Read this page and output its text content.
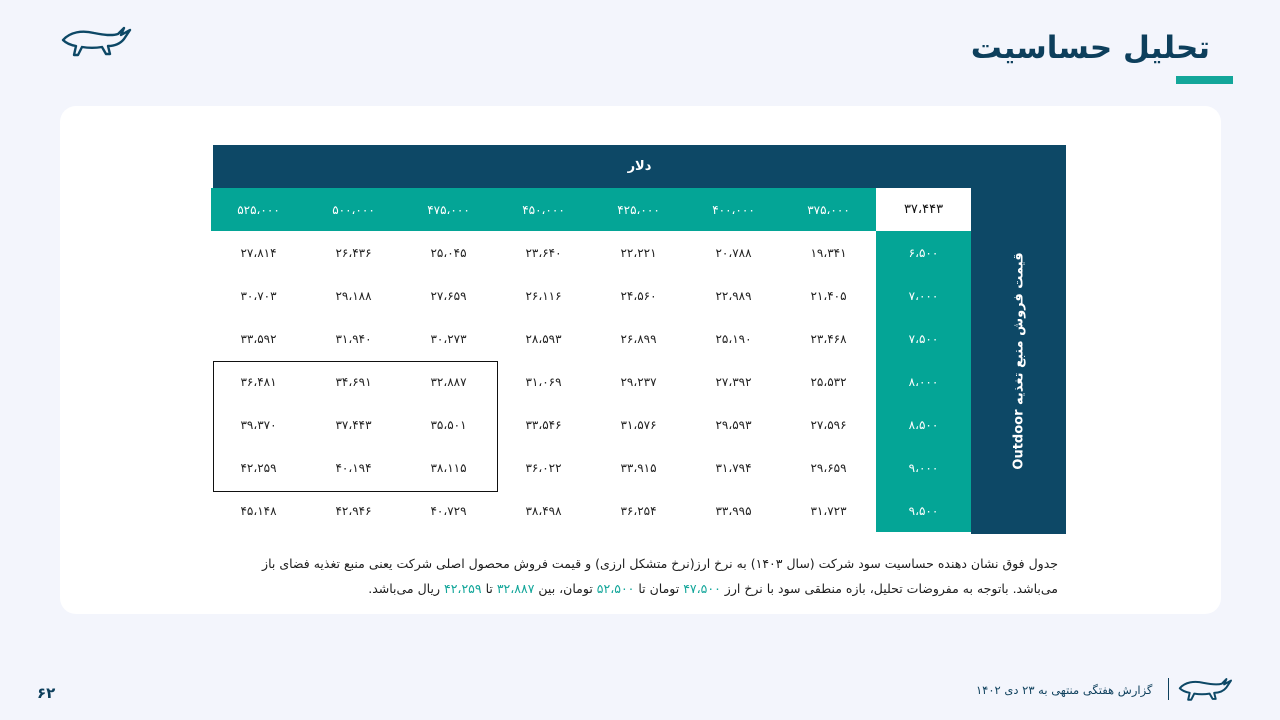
تحلیل حساسیت
دلار
قیمت فروش منبع تغذیه Outdoor
۳۷،۴۴۳
۳۷۵،۰۰۰
۴۰۰،۰۰۰
۴۲۵،۰۰۰
۴۵۰،۰۰۰
۴۷۵،۰۰۰
۵۰۰،۰۰۰
۵۲۵،۰۰۰
۶،۵۰۰
۱۹،۳۴۱
۲۰،۷۸۸
۲۲،۲۲۱
۲۳،۶۴۰
۲۵،۰۴۵
۲۶،۴۳۶
۲۷،۸۱۴
۷،۰۰۰
۲۱،۴۰۵
۲۲،۹۸۹
۲۴،۵۶۰
۲۶،۱۱۶
۲۷،۶۵۹
۲۹،۱۸۸
۳۰،۷۰۳
۷،۵۰۰
۲۳،۴۶۸
۲۵،۱۹۰
۲۶،۸۹۹
۲۸،۵۹۳
۳۰،۲۷۳
۳۱،۹۴۰
۳۳،۵۹۲
۸،۰۰۰
۲۵،۵۳۲
۲۷،۳۹۲
۲۹،۲۳۷
۳۱،۰۶۹
۳۲،۸۸۷
۳۴،۶۹۱
۳۶،۴۸۱
۸،۵۰۰
۲۷،۵۹۶
۲۹،۵۹۳
۳۱،۵۷۶
۳۳،۵۴۶
۳۵،۵۰۱
۳۷،۴۴۳
۳۹،۳۷۰
۹،۰۰۰
۲۹،۶۵۹
۳۱،۷۹۴
۳۳،۹۱۵
۳۶،۰۲۲
۳۸،۱۱۵
۴۰،۱۹۴
۴۲،۲۵۹
۹،۵۰۰
۳۱،۷۲۳
۳۳،۹۹۵
۳۶،۲۵۴
۳۸،۴۹۸
۴۰،۷۲۹
۴۲،۹۴۶
۴۵،۱۴۸
جدول فوق نشان دهنده حساسیت سود شرکت (سال ۱۴۰۳) به نرخ ارز(نرخ متشکل ارزی) و قیمت فروش محصول اصلی شرکت یعنی منبع تغذیه فضای باز می‌باشد. باتوجه به مفروضات تحلیل، بازه منطقی سود با نرخ ارز ۴۷،۵۰۰ تومان تا ۵۲،۵۰۰ تومان، بین ۳۲،۸۸۷ تا ۴۲،۲۵۹ ریال می‌باشد.
۶۲	گزارش هفتگی منتهی به ۲۳ دی ۱۴۰۲
